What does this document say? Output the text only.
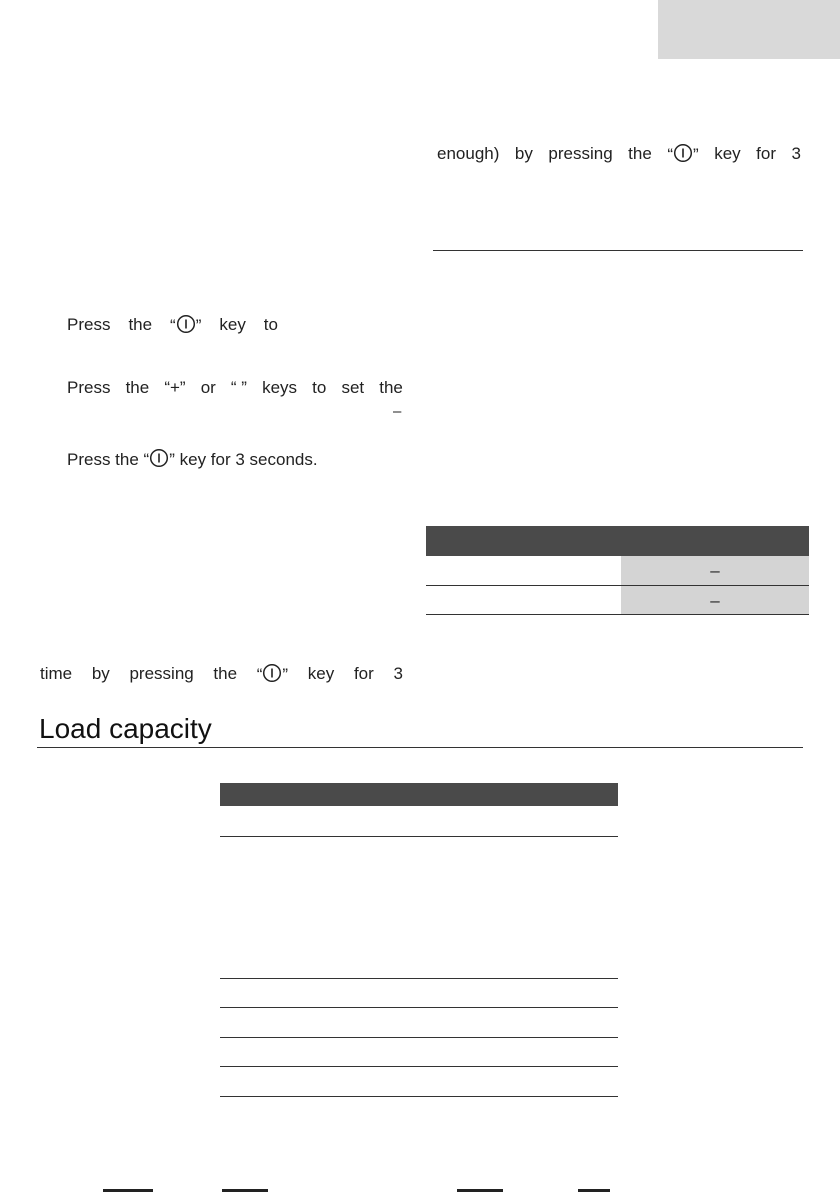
enough) by pressing the “ ” key for 3
Press the “ ” key to
Press the “+” or “ ” keys to set the
–
Press the “ ” key for 3 seconds.
–
–
time by pressing the “ ” key for 3
Load capacity
